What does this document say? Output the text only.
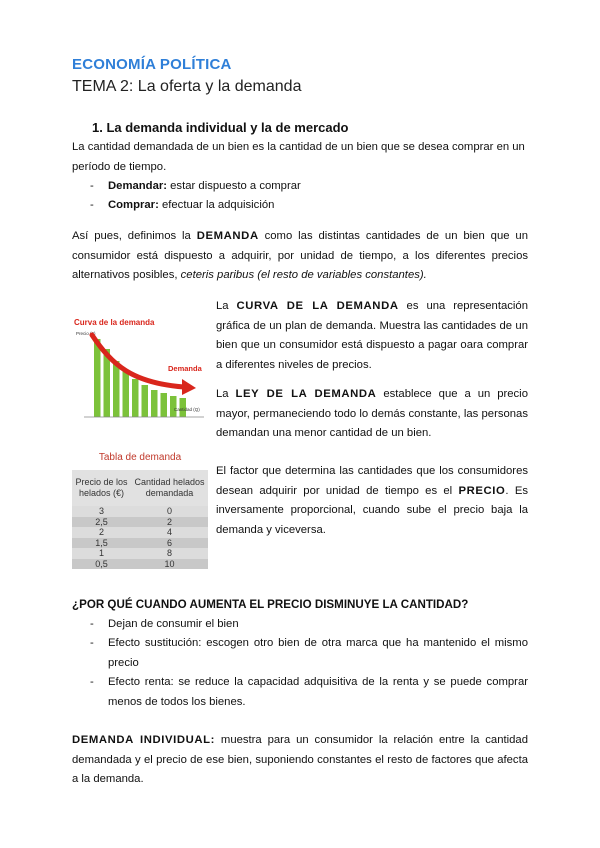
ECONOMÍA POLÍTICA
TEMA 2: La oferta y la demanda
1. La demanda individual y la de mercado
La cantidad demandada de un bien es la cantidad de un bien que se desea comprar en un período de tiempo.
- Demandar: estar dispuesto a comprar
- Comprar: efectuar la adquisición
Así pues, definimos la DEMANDA como las distintas cantidades de un bien que un consumidor está dispuesto a adquirir, por unidad de tiempo, a los diferentes precios alternativos posibles, ceteris paribus (el resto de variables constantes).
Curva de la demanda
Precio (€)
Demanda
Cantidad (Q)
La CURVA DE LA DEMANDA es una representación gráfica de un plan de demanda. Muestra las cantidades de un bien que un consumidor está dispuesto a pagar oara comprar a diferentes niveles de precios.
La LEY DE LA DEMANDA establece que a un precio mayor, permaneciendo todo lo demás constante, las personas demandan una menor cantidad de un bien.
Tabla de demanda
Precio de los helados (€)	Cantidad helados demandada
3	0
2,5	2
2	4
1,5	6
1	8
0,5	10
El factor que determina las cantidades que los consumidores desean adquirir por unidad de tiempo es el PRECIO. Es inversamente proporcional, cuando sube el precio baja la demanda y viceversa.
¿POR QUÉ CUANDO AUMENTA EL PRECIO DISMINUYE LA CANTIDAD?
- Dejan de consumir el bien
- Efecto sustitución: escogen otro bien de otra marca que ha mantenido el mismo precio
- Efecto renta: se reduce la capacidad adquisitiva de la renta y se puede comprar menos de todos los bienes.
DEMANDA INDIVIDUAL: muestra para un consumidor la relación entre la cantidad demandada y el precio de ese bien, suponiendo constantes el resto de factores que afecta a la demanda.
